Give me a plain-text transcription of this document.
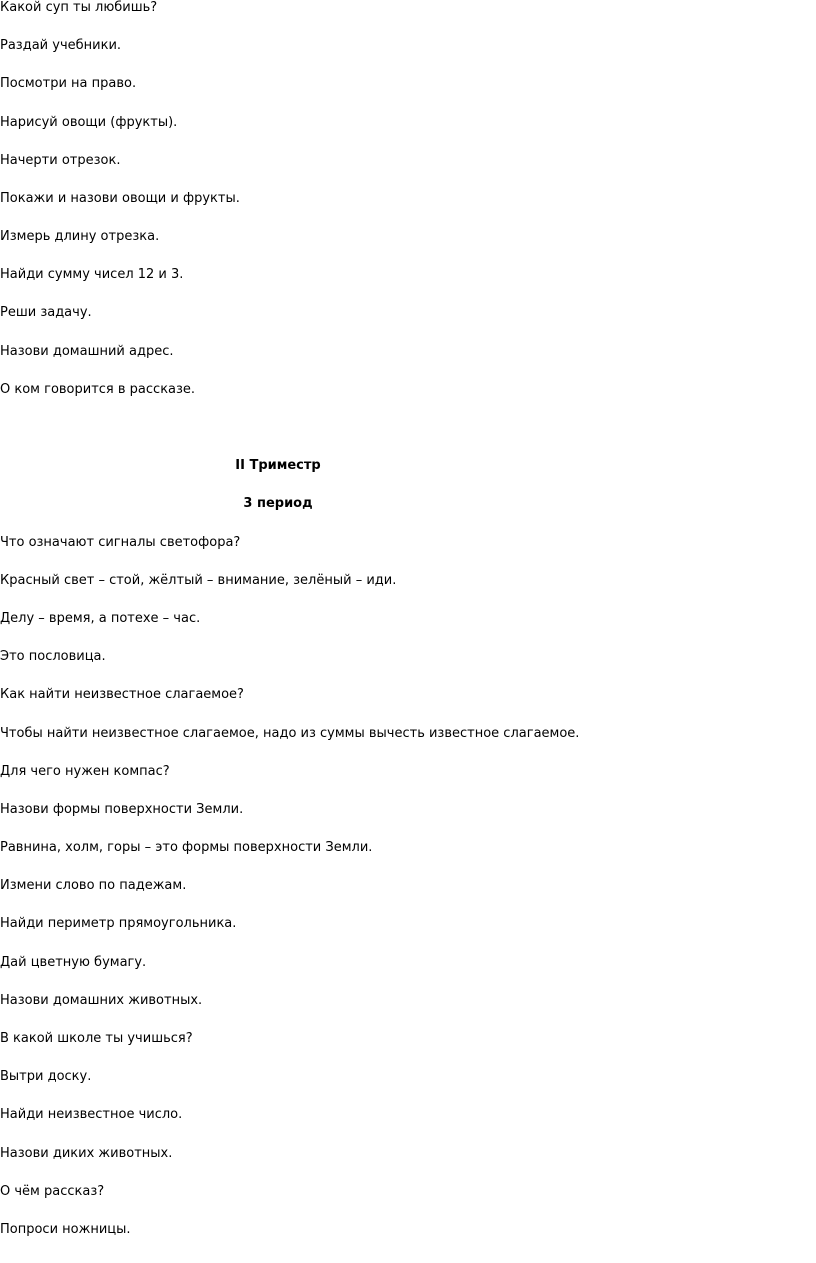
Какой суп ты любишь?
Раздай учебники.
Посмотри на право.
Нарисуй овощи (фрукты).
Начерти отрезок.
Покажи и назови овощи и фрукты.
Измерь длину отрезка.
Найди сумму чисел 12 и 3.
Реши задачу.
Назови домашний адрес.
О ком говорится в рассказе.
II Триместр
3 период
Что означают сигналы светофора?
Красный свет – стой, жёлтый – внимание, зелёный – иди.
Делу – время, а потехе – час.
Это пословица.
Как найти неизвестное слагаемое?
Чтобы найти неизвестное слагаемое, надо из суммы вычесть известное слагаемое.
Для чего нужен компас?
Назови формы поверхности Земли.
Равнина, холм, горы – это формы поверхности Земли.
Измени слово по падежам.
Найди периметр прямоугольника.
Дай цветную бумагу.
Назови домашних животных.
В какой школе ты учишься?
Вытри доску.
Найди неизвестное число.
Назови диких животных.
О чём рассказ?
Попроси ножницы.
